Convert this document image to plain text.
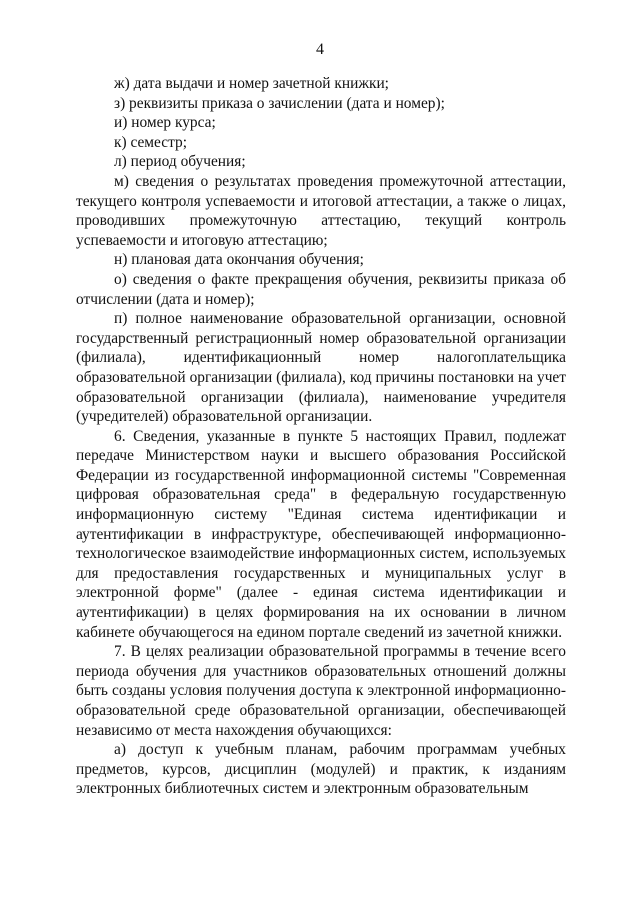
4

ж) дата выдачи и номер зачетной книжки;

з) реквизиты приказа о зачислении (дата и номер);

и) номер курса;

к) семестр;

л) период обучения;

м) сведения о результатах проведения промежуточной аттестации, текущего контроля успеваемости и итоговой аттестации, а также о лицах, проводивших промежуточную аттестацию, текущий контроль успеваемости и итоговую аттестацию;

н) плановая дата окончания обучения;

о) сведения о факте прекращения обучения, реквизиты приказа об отчислении (дата и номер);

п) полное наименование образовательной организации, основной государственный регистрационный номер образовательной организации (филиала), идентификационный номер налогоплательщика образовательной организации (филиала), код причины постановки на учет образовательной организации (филиала), наименование учредителя (учредителей) образовательной организации.

6. Сведения, указанные в пункте 5 настоящих Правил, подлежат передаче Министерством науки и высшего образования Российской Федерации из государственной информационной системы "Современная цифровая образовательная среда" в федеральную государственную информационную систему "Единая система идентификации и аутентификации в инфраструктуре, обеспечивающей информационно-технологическое взаимодействие информационных систем, используемых для предоставления государственных и муниципальных услуг в электронной форме" (далее - единая система идентификации и аутентификации) в целях формирования на их основании в личном кабинете обучающегося на едином портале сведений из зачетной книжки.

7. В целях реализации образовательной программы в течение всего периода обучения для участников образовательных отношений должны быть созданы условия получения доступа к электронной информационно-образовательной среде образовательной организации, обеспечивающей независимо от места нахождения обучающихся:

а) доступ к учебным планам, рабочим программам учебных предметов, курсов, дисциплин (модулей) и практик, к изданиям электронных библиотечных систем и электронным образовательным
